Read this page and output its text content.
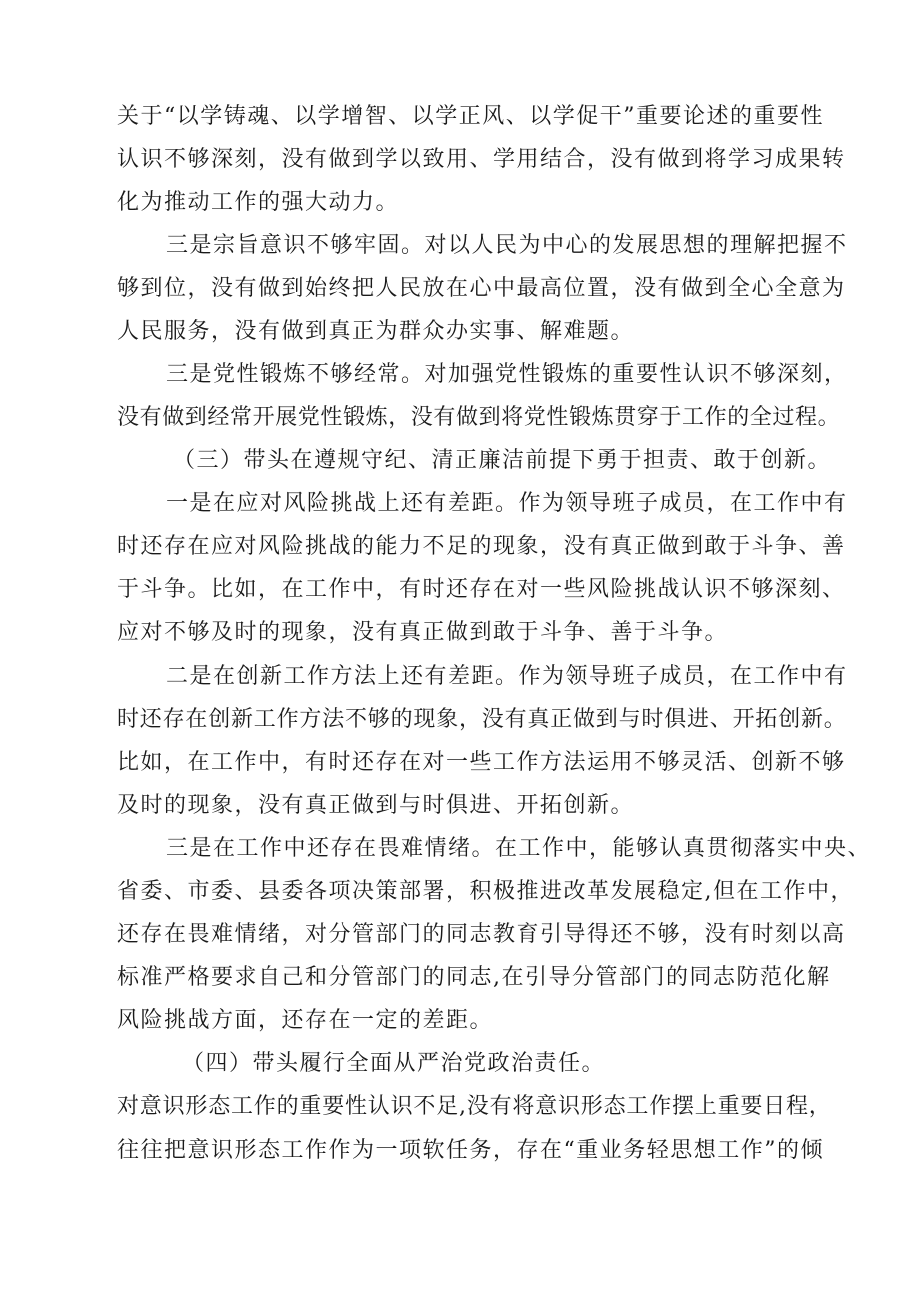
关于“以学铸魂、以学增智、以学正风、以学促干”重要论述的重要性
认识不够深刻，没有做到学以致用、学用结合，没有做到将学习成果转
化为推动工作的强大动力。
三是宗旨意识不够牢固。对以人民为中心的发展思想的理解把握不
够到位，没有做到始终把人民放在心中最高位置，没有做到全心全意为
人民服务，没有做到真正为群众办实事、解难题。
三是党性锻炼不够经常。对加强党性锻炼的重要性认识不够深刻，
没有做到经常开展党性锻炼，没有做到将党性锻炼贯穿于工作的全过程。
（三）带头在遵规守纪、清正廉洁前提下勇于担责、敢于创新。
一是在应对风险挑战上还有差距。作为领导班子成员，在工作中有
时还存在应对风险挑战的能力不足的现象，没有真正做到敢于斗争、善
于斗争。比如，在工作中，有时还存在对一些风险挑战认识不够深刻、
应对不够及时的现象，没有真正做到敢于斗争、善于斗争。
二是在创新工作方法上还有差距。作为领导班子成员，在工作中有
时还存在创新工作方法不够的现象，没有真正做到与时俱进、开拓创新。
比如，在工作中，有时还存在对一些工作方法运用不够灵活、创新不够
及时的现象，没有真正做到与时俱进、开拓创新。
三是在工作中还存在畏难情绪。在工作中，能够认真贯彻落实中央、
省委、市委、县委各项决策部署，积极推进改革发展稳定,但在工作中，
还存在畏难情绪，对分管部门的同志教育引导得还不够，没有时刻以高
标准严格要求自己和分管部门的同志,在引导分管部门的同志防范化解
风险挑战方面，还存在一定的差距。
（四）带头履行全面从严治党政治责任。
对意识形态工作的重要性认识不足,没有将意识形态工作摆上重要日程，
往往把意识形态工作作为一项软任务，存在“重业务轻思想工作”的倾
